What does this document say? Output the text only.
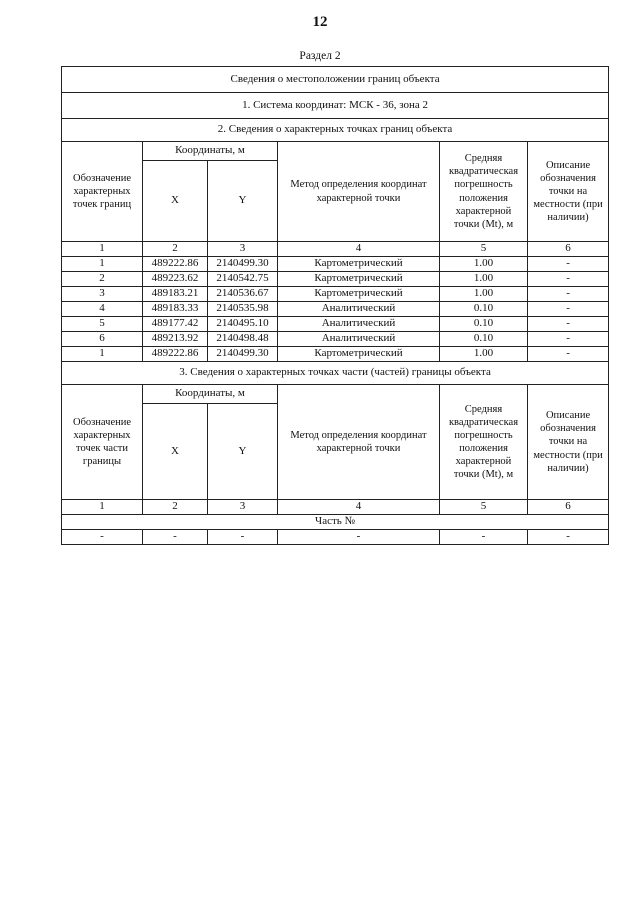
12
Раздел 2
Сведения о местоположении границ объекта					
1. Система координат: МСК - 36, зона 2					
2. Сведения о характерных точках границ объекта					
Обозначение характерных точек границ	Координаты, м		Метод определения координат характерной точки	Средняя квадратическая погрешность положения характерной точки (Mt), м	Описание обозначения точки на местности (при наличии)
	X	Y			
1	2	3	4	5	6
1	489222.86	2140499.30	Картометрический	1.00	-
2	489223.62	2140542.75	Картометрический	1.00	-
3	489183.21	2140536.67	Картометрический	1.00	-
4	489183.33	2140535.98	Аналитический	0.10	-
5	489177.42	2140495.10	Аналитический	0.10	-
6	489213.92	2140498.48	Аналитический	0.10	-
1	489222.86	2140499.30	Картометрический	1.00	-
3. Сведения о характерных точках части (частей) границы объекта					
Обозначение характерных точек части границы	Координаты, м		Метод определения координат характерной точки	Средняя квадратическая погрешность положения характерной точки (Mt), м	Описание обозначения точки на местности (при наличии)
	X	Y			
1	2	3	4	5	6
Часть №					
-	-	-	-	-	-
